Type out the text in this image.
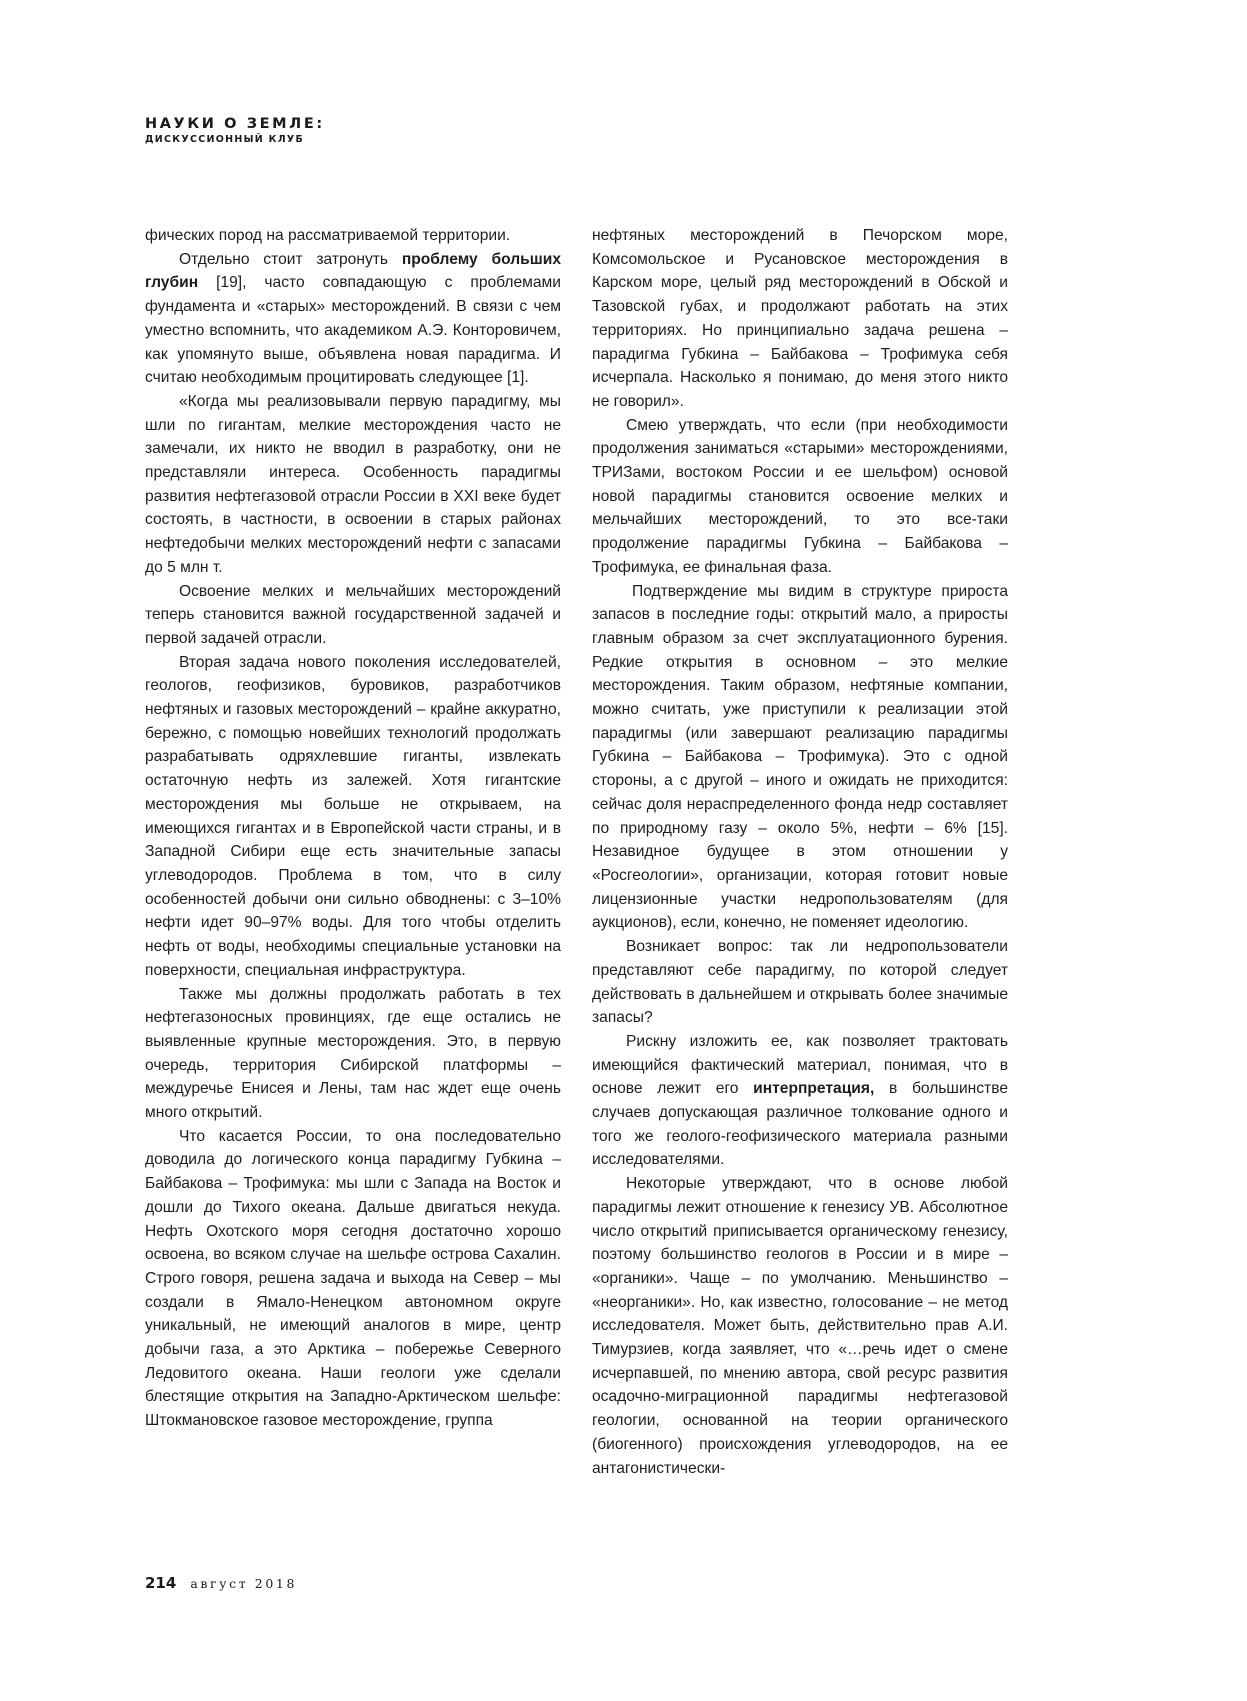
НАУКИ О ЗЕМЛЕ:
ДИСКУССИОННЫЙ КЛУБ

фических пород на рассматриваемой территории.

Отдельно стоит затронуть проблему больших глубин [19], часто совпадающую с проблемами фундамента и «старых» месторождений. В связи с чем уместно вспомнить, что академиком А.Э. Конторовичем, как упомянуто выше, объявлена новая парадигма. И считаю необходимым процитировать следующее [1].

«Когда мы реализовывали первую парадигму, мы шли по гигантам, мелкие месторождения часто не замечали, их никто не вводил в разработку, они не представляли интереса. Особенность парадигмы развития нефтегазовой отрасли России в XXI веке будет состоять, в частности, в освоении в старых районах нефтедобычи мелких месторождений нефти с запасами до 5 млн т.

Освоение мелких и мельчайших месторождений теперь становится важной государственной задачей и первой задачей отрасли.

Вторая задача нового поколения исследователей, геологов, геофизиков, буровиков, разработчиков нефтяных и газовых месторождений – крайне аккуратно, бережно, с помощью новейших технологий продолжать разрабатывать одряхлевшие гиганты, извлекать остаточную нефть из залежей. Хотя гигантские месторождения мы больше не открываем, на имеющихся гигантах и в Европейской части страны, и в Западной Сибири еще есть значительные запасы углеводородов. Проблема в том, что в силу особенностей добычи они сильно обводнены: с 3–10% нефти идет 90–97% воды. Для того чтобы отделить нефть от воды, необходимы специальные установки на поверхности, специальная инфраструктура.

Также мы должны продолжать работать в тех нефтегазоносных провинциях, где еще остались не выявленные крупные месторождения. Это, в первую очередь, территория Сибирской платформы – междуречье Енисея и Лены, там нас ждет еще очень много открытий.

Что касается России, то она последовательно доводила до логического конца парадигму Губкина – Байбакова – Трофимука: мы шли с Запада на Восток и дошли до Тихого океана. Дальше двигаться некуда. Нефть Охотского моря сегодня достаточно хорошо освоена, во всяком случае на шельфе острова Сахалин. Строго говоря, решена задача и выхода на Север – мы создали в Ямало-Ненецком автономном округе уникальный, не имеющий аналогов в мире, центр добычи газа, а это Арктика – побережье Северного Ледовитого океана. Наши геологи уже сделали блестящие открытия на Западно-Арктическом шельфе: Штокмановское газовое месторождение, группа

нефтяных месторождений в Печорском море, Комсомольское и Русановское месторождения в Карском море, целый ряд месторождений в Обской и Тазовской губах, и продолжают работать на этих территориях. Но принципиально задача решена – парадигма Губкина – Байбакова – Трофимука себя исчерпала. Насколько я понимаю, до меня этого никто не говорил».

Смею утверждать, что если (при необходимости продолжения заниматься «старыми» месторождениями, ТРИЗами, востоком России и ее шельфом) основой новой парадигмы становится освоение мелких и мельчайших месторождений, то это все-таки продолжение парадигмы Губкина – Байбакова – Трофимука, ее финальная фаза.

Подтверждение мы видим в структуре прироста запасов в последние годы: открытий мало, а приросты главным образом за счет эксплуатационного бурения. Редкие открытия в основном – это мелкие месторождения. Таким образом, нефтяные компании, можно считать, уже приступили к реализации этой парадигмы (или завершают реализацию парадигмы Губкина – Байбакова – Трофимука). Это с одной стороны, а с другой – иного и ожидать не приходится: сейчас доля нераспределенного фонда недр составляет по природному газу – около 5%, нефти – 6% [15]. Незавидное будущее в этом отношении у «Росгеологии», организации, которая готовит новые лицензионные участки недропользователям (для аукционов), если, конечно, не поменяет идеологию.

Возникает вопрос: так ли недропользователи представляют себе парадигму, по которой следует действовать в дальнейшем и открывать более значимые запасы?

Рискну изложить ее, как позволяет трактовать имеющийся фактический материал, понимая, что в основе лежит его интерпретация, в большинстве случаев допускающая различное толкование одного и того же геолого-геофизического материала разными исследователями.

Некоторые утверждают, что в основе любой парадигмы лежит отношение к генезису УВ. Абсолютное число открытий приписывается органическому генезису, поэтому большинство геологов в России и в мире – «органики». Чаще – по умолчанию. Меньшинство – «неорганики». Но, как известно, голосование – не метод исследователя. Может быть, действительно прав А.И. Тимурзиев, когда заявляет, что «…речь идет о смене исчерпавшей, по мнению автора, свой ресурс развития осадочно-миграционной парадигмы нефтегазовой геологии, основанной на теории органического (биогенного) происхождения углеводородов, на ее антагонистически-

214 август 2018
